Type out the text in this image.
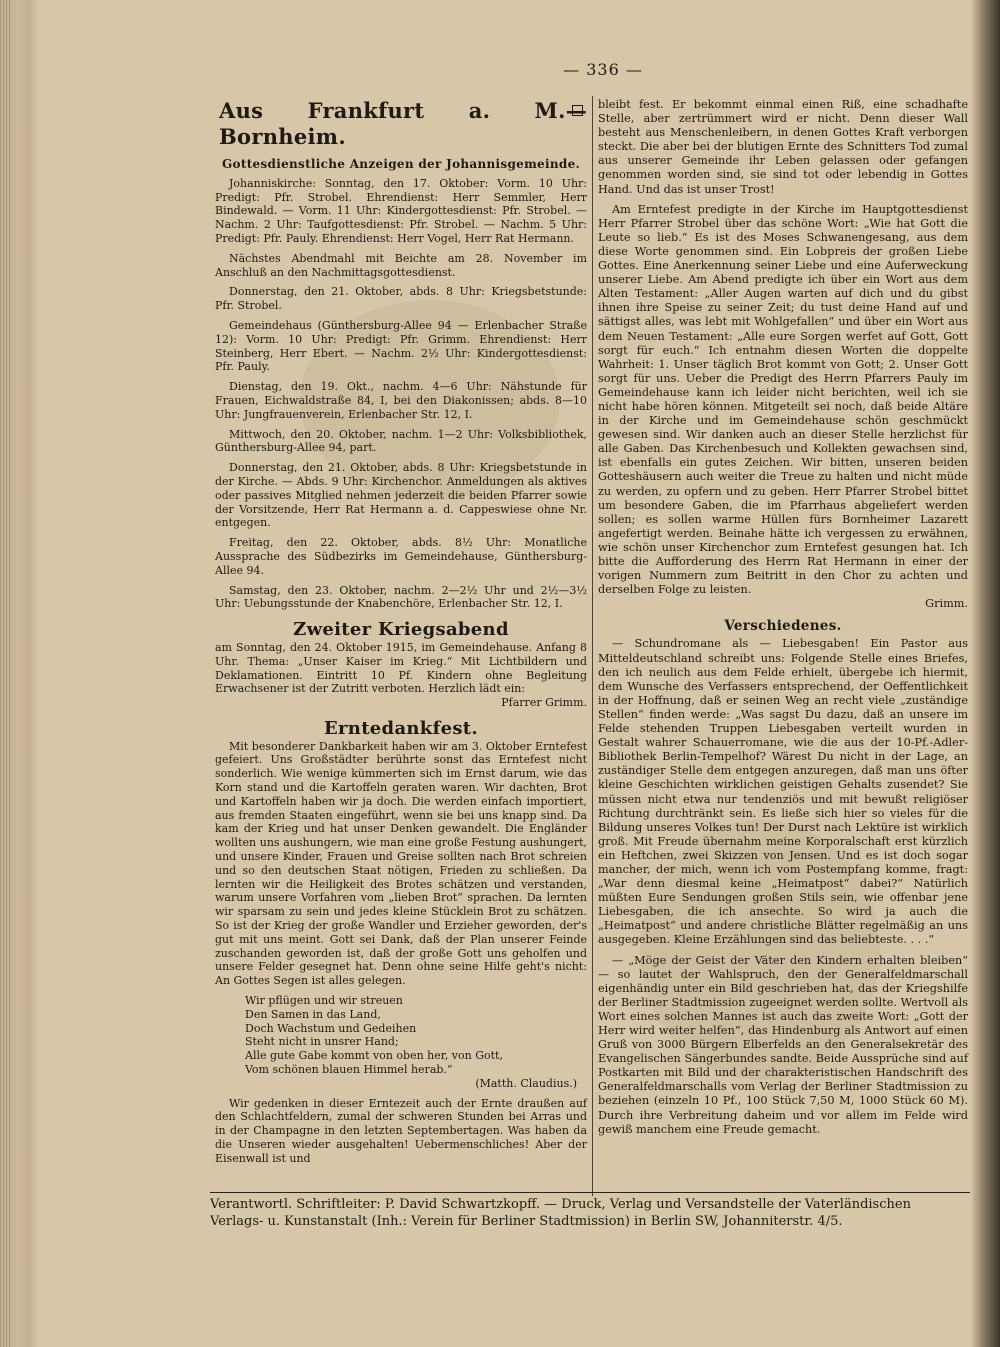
— 336 —
Aus Frankfurt a. M.—Bornheim.
Gottesdienstliche Anzeigen der Johannisgemeinde.

Johanniskirche: Sonntag, den 17. Oktober: Vorm. 10 Uhr: Predigt: Pfr. Strobel. Ehrendienst: Herr Semmler, Herr Bindewald. — Vorm. 11 Uhr: Kindergottesdienst: Pfr. Strobel. — Nachm. 2 Uhr: Taufgottesdienst: Pfr. Strobel. — Nachm. 5 Uhr: Predigt: Pfr. Pauly. Ehrendienst: Herr Vogel, Herr Rat Hermann.

Nächstes Abendmahl mit Beichte am 28. November im Anschluß an den Nachmittagsgottesdienst.

Donnerstag, den 21. Oktober, abds. 8 Uhr: Kriegsbetstunde: Pfr. Strobel.

Gemeindehaus (Günthersburg-Allee 94 — Erlenbacher Straße 12): Vorm. 10 Uhr: Predigt: Pfr. Grimm. Ehrendienst: Herr Steinberg, Herr Ebert. — Nachm. 2½ Uhr: Kindergottesdienst: Pfr. Pauly.

Dienstag, den 19. Okt., nachm. 4—6 Uhr: Nähstunde für Frauen, Eichwaldstraße 84, I, bei den Diakonissen; abds. 8—10 Uhr: Jungfrauenverein, Erlenbacher Str. 12, I.

Mittwoch, den 20. Oktober, nachm. 1—2 Uhr: Volksbibliothek, Günthersburg-Allee 94, part.

Donnerstag, den 21. Oktober, abds. 8 Uhr: Kriegsbetstunde in der Kirche. — Abds. 9 Uhr: Kirchenchor. Anmeldungen als aktives oder passives Mitglied nehmen jederzeit die beiden Pfarrer sowie der Vorsitzende, Herr Rat Hermann a. d. Cappeswiese ohne Nr. entgegen.

Freitag, den 22. Oktober, abds. 8½ Uhr: Monatliche Aussprache des Südbezirks im Gemeindehause, Günthersburg-Allee 94.

Samstag, den 23. Oktober, nachm. 2—2½ Uhr und 2½—3½ Uhr: Uebungsstunde der Knabenchöre, Erlenbacher Str. 12, I.

Zweiter Kriegsabend

am Sonntag, den 24. Oktober 1915, im Gemeindehause. Anfang 8 Uhr. Thema: „Unser Kaiser im Krieg.“ Mit Lichtbildern und Deklamationen. Eintritt 10 Pf. Kindern ohne Begleitung Erwachsener ist der Zutritt verboten. Herzlich lädt ein:
Pfarrer Grimm.

Erntedankfest.

Mit besonderer Dankbarkeit haben wir am 3. Oktober Erntefest gefeiert. Uns Großstädter berührte sonst das Erntefest nicht sonderlich. Wie wenige kümmerten sich im Ernst darum, wie das Korn stand und die Kartoffeln geraten waren. Wir dachten, Brot und Kartoffeln haben wir ja doch. Die werden einfach importiert, aus fremden Staaten eingeführt, wenn sie bei uns knapp sind. Da kam der Krieg und hat unser Denken gewandelt. Die Engländer wollten uns aushungern, wie man eine große Festung aushungert, und unsere Kinder, Frauen und Greise sollten nach Brot schreien und so den deutschen Staat nötigen, Frieden zu schließen. Da lernten wir die Heiligkeit des Brotes schätzen und verstanden, warum unsere Vorfahren vom „lieben Brot“ sprachen. Da lernten wir sparsam zu sein und jedes kleine Stücklein Brot zu schätzen. So ist der Krieg der große Wandler und Erzieher geworden, der's gut mit uns meint. Gott sei Dank, daß der Plan unserer Feinde zuschanden geworden ist, daß der große Gott uns geholfen und unsere Felder gesegnet hat. Denn ohne seine Hilfe geht's nicht: An Gottes Segen ist alles gelegen.

Wir pflügen und wir streuen
Den Samen in das Land,
Doch Wachstum und Gedeihen
Steht nicht in unsrer Hand;
Alle gute Gabe kommt von oben her, von Gott,
Vom schönen blauen Himmel herab.“
(Matth. Claudius.)

Wir gedenken in dieser Erntezeit auch der Ernte draußen auf den Schlachtfeldern, zumal der schweren Stunden bei Arras und in der Champagne in den letzten Septembertagen. Was haben da die Unseren wieder ausgehalten! Uebermenschliches! Aber der Eisenwall ist und

bleibt fest. Er bekommt einmal einen Riß, eine schadhafte Stelle, aber zertrümmert wird er nicht. Denn dieser Wall besteht aus Menschenleibern, in denen Gottes Kraft verborgen steckt. Die aber bei der blutigen Ernte des Schnitters Tod zumal aus unserer Gemeinde ihr Leben gelassen oder gefangen genommen worden sind, sie sind tot oder lebendig in Gottes Hand. Und das ist unser Trost!

Am Erntefest predigte in der Kirche im Hauptgottesdienst Herr Pfarrer Strobel über das schöne Wort: „Wie hat Gott die Leute so lieb.“ Es ist des Moses Schwanengesang, aus dem diese Worte genommen sind. Ein Lobpreis der großen Liebe Gottes. Eine Anerkennung seiner Liebe und eine Auferweckung unserer Liebe. Am Abend predigte ich über ein Wort aus dem Alten Testament: „Aller Augen warten auf dich und du gibst ihnen ihre Speise zu seiner Zeit; du tust deine Hand auf und sättigst alles, was lebt mit Wohlgefallen“ und über ein Wort aus dem Neuen Testament: „Alle eure Sorgen werfet auf Gott, Gott sorgt für euch.“ Ich entnahm diesen Worten die doppelte Wahrheit: 1. Unser täglich Brot kommt von Gott; 2. Unser Gott sorgt für uns. Ueber die Predigt des Herrn Pfarrers Pauly im Gemeindehause kann ich leider nicht berichten, weil ich sie nicht habe hören können. Mitgeteilt sei noch, daß beide Altäre in der Kirche und im Gemeindehause schön geschmückt gewesen sind. Wir danken auch an dieser Stelle herzlichst für alle Gaben. Das Kirchenbesuch und Kollekten gewachsen sind, ist ebenfalls ein gutes Zeichen. Wir bitten, unseren beiden Gotteshäusern auch weiter die Treue zu halten und nicht müde zu werden, zu opfern und zu geben. Herr Pfarrer Strobel bittet um besondere Gaben, die im Pfarrhaus abgeliefert werden sollen; es sollen warme Hüllen fürs Bornheimer Lazarett angefertigt werden. Beinahe hätte ich vergessen zu erwähnen, wie schön unser Kirchenchor zum Erntefest gesungen hat. Ich bitte die Aufforderung des Herrn Rat Hermann in einer der vorigen Nummern zum Beitritt in den Chor zu achten und derselben Folge zu leisten.
Grimm.

Verschiedenes.

— Schundromane als — Liebesgaben! Ein Pastor aus Mitteldeutschland schreibt uns: Folgende Stelle eines Briefes, den ich neulich aus dem Felde erhielt, übergebe ich hiermit, dem Wunsche des Verfassers entsprechend, der Oeffentlichkeit in der Hoffnung, daß er seinen Weg an recht viele „zuständige Stellen“ finden werde: „Was sagst Du dazu, daß an unsere im Felde stehenden Truppen Liebesgaben verteilt wurden in Gestalt wahrer Schauerromane, wie die aus der 10-Pf.-Adler-Bibliothek Berlin-Tempelhof? Wärest Du nicht in der Lage, an zuständiger Stelle dem entgegen anzuregen, daß man uns öfter kleine Geschichten wirklichen geistigen Gehalts zusendet? Sie müssen nicht etwa nur tendenziös und mit bewußt religiöser Richtung durchtränkt sein. Es ließe sich hier so vieles für die Bildung unseres Volkes tun! Der Durst nach Lektüre ist wirklich groß. Mit Freude übernahm meine Korporalschaft erst kürzlich ein Heftchen, zwei Skizzen von Jensen. Und es ist doch sogar mancher, der mich, wenn ich vom Postempfang komme, fragt: „War denn diesmal keine „Heimatpost“ dabei?“ Natürlich müßten Eure Sendungen großen Stils sein, wie offenbar jene Liebesgaben, die ich ansechte. So wird ja auch die „Heimatpost“ und andere christliche Blätter regelmäßig an uns ausgegeben. Kleine Erzählungen sind das beliebteste. . . .“

— „Möge der Geist der Väter den Kindern erhalten bleiben“ — so lautet der Wahlspruch, den der Generalfeldmarschall eigenhändig unter ein Bild geschrieben hat, das der Kriegshilfe der Berliner Stadtmission zugeeignet werden sollte. Wertvoll als Wort eines solchen Mannes ist auch das zweite Wort: „Gott der Herr wird weiter helfen“, das Hindenburg als Antwort auf einen Gruß von 3000 Bürgern Elberfelds an den Generalsekretär des Evangelischen Sängerbundes sandte. Beide Aussprüche sind auf Postkarten mit Bild und der charakteristischen Handschrift des Generalfeldmarschalls vom Verlag der Berliner Stadtmission zu beziehen (einzeln 10 Pf., 100 Stück 7,50 M, 1000 Stück 60 M). Durch ihre Verbreitung daheim und vor allem im Felde wird gewiß manchem eine Freude gemacht.

Verantwortl. Schriftleiter: P. David Schwartzkopff. — Druck, Verlag und Versandstelle der Vaterländischen
Verlags- u. Kunstanstalt (Inh.: Verein für Berliner Stadtmission) in Berlin SW, Johanniterstr. 4/5.
